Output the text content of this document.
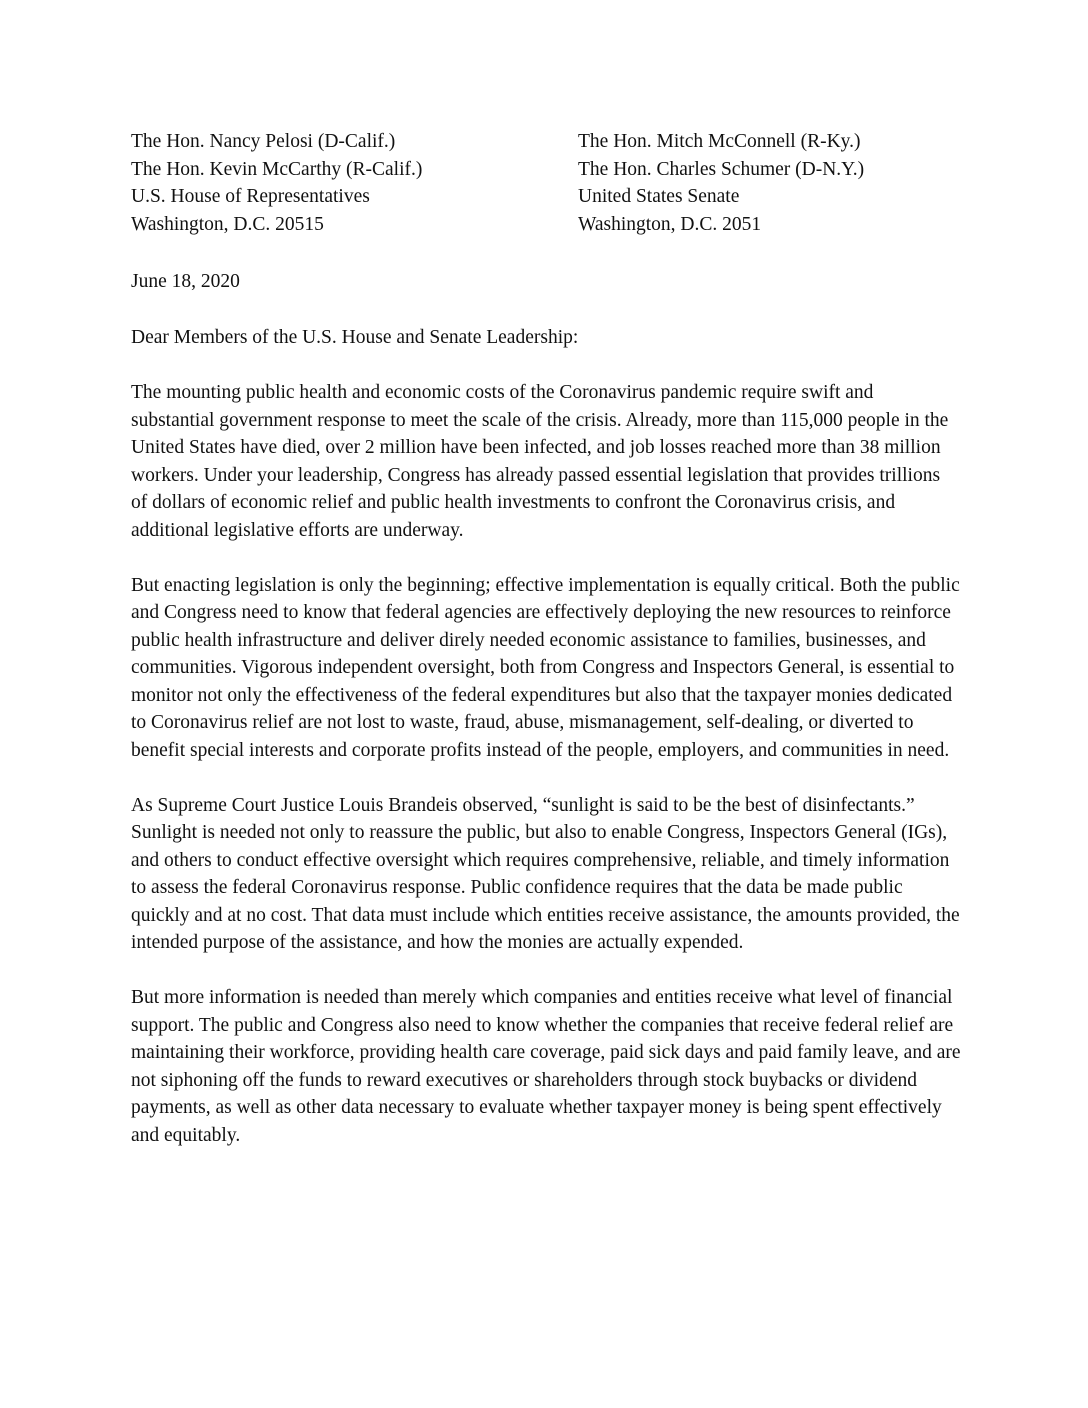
The Hon. Nancy Pelosi (D-Calif.)
The Hon. Kevin McCarthy (R-Calif.)
U.S. House of Representatives
Washington, D.C. 20515
The Hon. Mitch McConnell (R-Ky.)
The Hon. Charles Schumer (D-N.Y.)
United States Senate
Washington, D.C. 2051
June 18, 2020
Dear Members of the U.S. House and Senate Leadership:

The mounting public health and economic costs of the Coronavirus pandemic require swift and substantial government response to meet the scale of the crisis. Already, more than 115,000 people in the United States have died, over 2 million have been infected, and job losses reached more than 38 million workers. Under your leadership, Congress has already passed essential legislation that provides trillions of dollars of economic relief and public health investments to confront the Coronavirus crisis, and additional legislative efforts are underway.

But enacting legislation is only the beginning; effective implementation is equally critical. Both the public and Congress need to know that federal agencies are effectively deploying the new resources to reinforce public health infrastructure and deliver direly needed economic assistance to families, businesses, and communities. Vigorous independent oversight, both from Congress and Inspectors General, is essential to monitor not only the effectiveness of the federal expenditures but also that the taxpayer monies dedicated to Coronavirus relief are not lost to waste, fraud, abuse, mismanagement, self-dealing, or diverted to benefit special interests and corporate profits instead of the people, employers, and communities in need.

As Supreme Court Justice Louis Brandeis observed, “sunlight is said to be the best of disinfectants.” Sunlight is needed not only to reassure the public, but also to enable Congress, Inspectors General (IGs), and others to conduct effective oversight which requires comprehensive, reliable, and timely information to assess the federal Coronavirus response. Public confidence requires that the data be made public quickly and at no cost. That data must include which entities receive assistance, the amounts provided, the intended purpose of the assistance, and how the monies are actually expended.

But more information is needed than merely which companies and entities receive what level of financial support. The public and Congress also need to know whether the companies that receive federal relief are maintaining their workforce, providing health care coverage, paid sick days and paid family leave, and are not siphoning off the funds to reward executives or shareholders through stock buybacks or dividend payments, as well as other data necessary to evaluate whether taxpayer money is being spent effectively and equitably.
